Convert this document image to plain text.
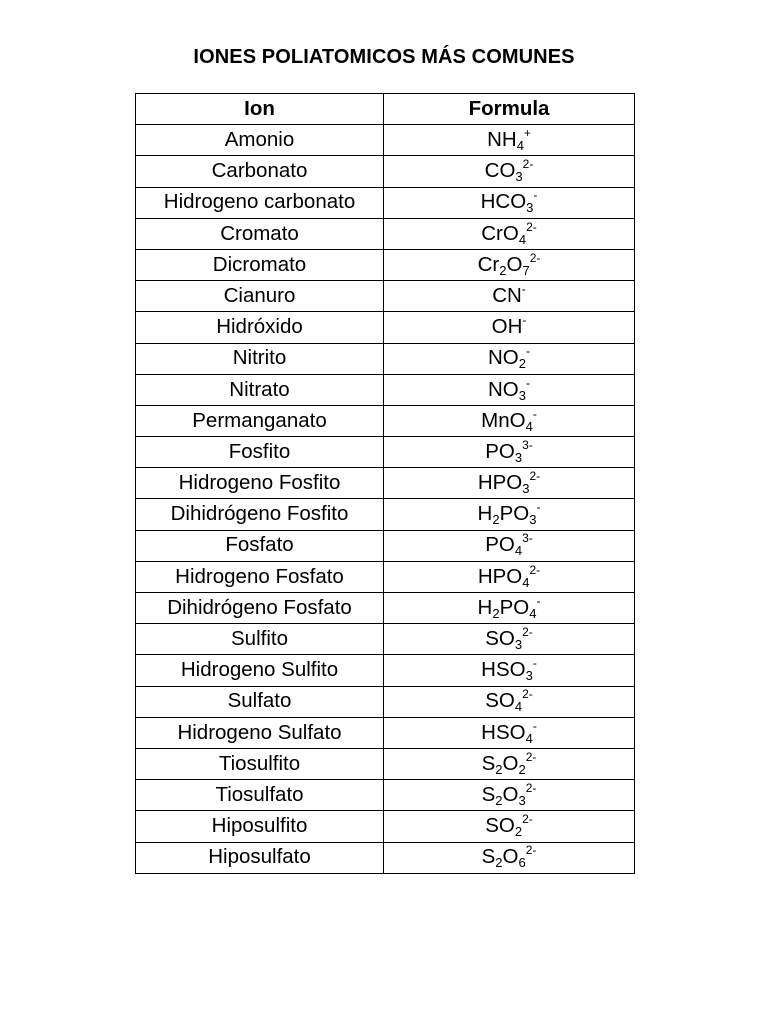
IONES POLIATOMICOS MÁS COMUNES
Ion	Formula
Amonio	$NH_4^+$
Carbonato	$CO_3^{2-}$
Hidrogeno carbonato	$HCO_3^-$
Cromato	CrO$_4^{2-}$
Dicromato	$Cr_2O_7^{2-}$
Cianuro	CN-
Hidróxido	OH-
Nitrito	$NO_2^-$
Nitrato	$NO_3^-$
Permanganato	MnO$_4$-
Fosfito	$PO_3^{3-}$
Hidrogeno Fosfito	$HPO_3^{2-}$
Dihidrógeno Fosfito	$H_2PO_3^-$
Fosfato	$PO_4^{3-}$
Hidrogeno Fosfato	$HPO_4^{2-}$
Dihidrógeno Fosfato	$H_2PO_4^-$
Sulfito	$SO_3^{2-}$
Hidrogeno Sulfito	$HSO_3^-$
Sulfato	$SO_4^{2-}$
Hidrogeno Sulfato	$HSO_4^-$
Tiosulfito	$S_2O_2^{2-}$
Tiosulfato	$S_2O_3^{2-}$
Hiposulfito	$SO_2^{2-}$
Hiposulfato	$S_2O_6^{2-}$
